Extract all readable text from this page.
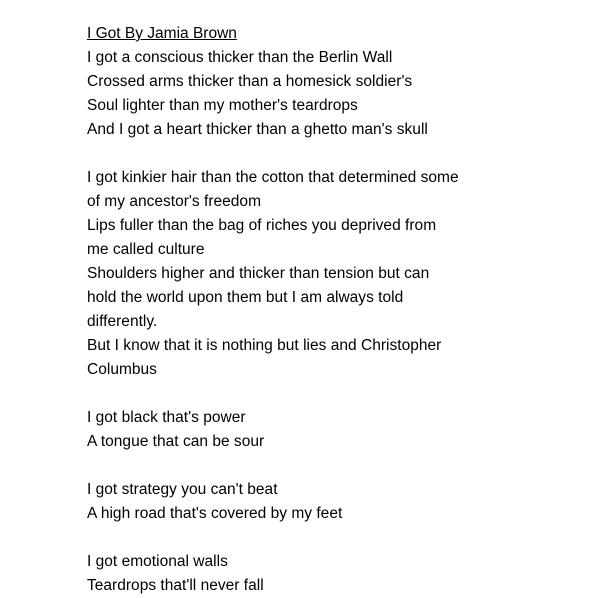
I Got By Jamia Brown
I got a conscious thicker than the Berlin Wall
Crossed arms thicker than a homesick soldier's
Soul lighter than my mother's teardrops
And I got a heart thicker than a ghetto man's skull
I got kinkier hair than the cotton that determined some
of my ancestor's freedom
Lips fuller than the bag of riches you deprived from
me called culture
Shoulders higher and thicker than tension but can
hold the world upon them but I am always told
differently.
But I know that it is nothing but lies and Christopher
Columbus
I got black that's power
A tongue that can be sour
I got strategy you can't beat
A high road that's covered by my feet
I got emotional walls
Teardrops that'll never fall
